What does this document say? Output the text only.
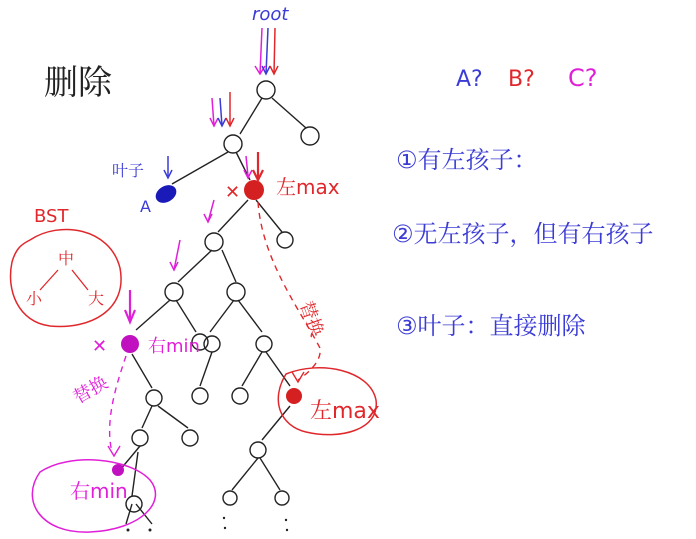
删除
root
叶子
A
✕ 左max
✕ 右min
BST
中
小	大
替换
左max
替换
右min
A? B? C?
①有左孩子：
②无左孩子，但有右孩子
③叶子：直接删除
